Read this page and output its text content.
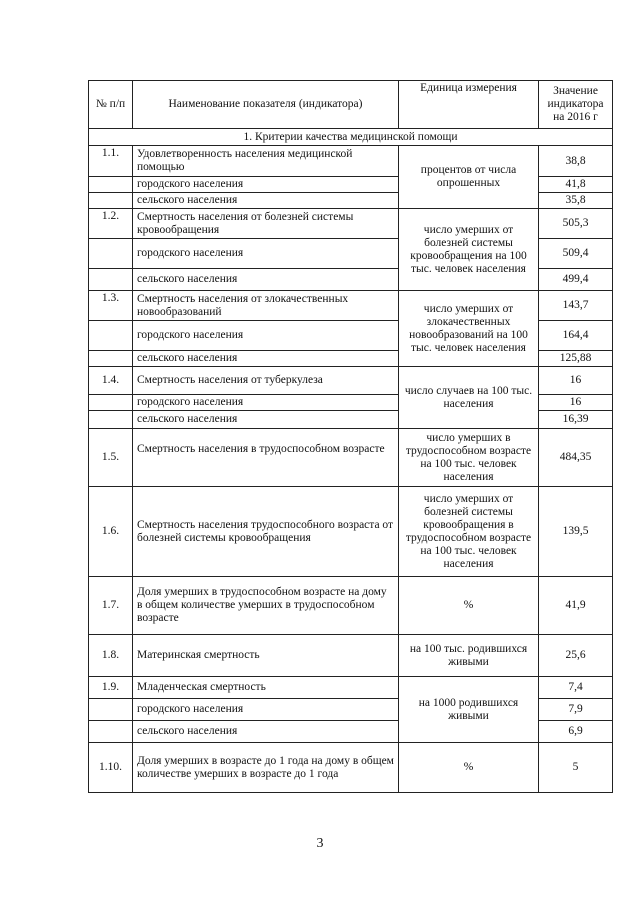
№ п/п	Наименование показателя (индикатора)	Единица измерения	Значение индикатора на 2016 г
1. Критерии качества медицинской помощи			
1.1.	Удовлетворенность населения медицинской помощью	процентов от числа опрошенных	38,8
	городского населения		41,8
	сельского населения		35,8
1.2.	Смертность населения от болезней системы кровообращения	число умерших от болезней системы кровообращения на 100 тыс. человек населения	505,3
	городского населения		509,4
	сельского населения		499,4
1.3.	Смертность населения от злокачественных новообразований	число умерших от злокачественных новообразований на 100 тыс. человек населения	143,7
	городского населения		164,4
	сельского населения		125,88
1.4.	Смертность населения от туберкулеза	число случаев на 100 тыс. населения	16
	городского населения		16
	сельского населения		16,39
1.5.	Смертность населения в трудоспособном возрасте	число умерших в трудоспособном возрасте на 100 тыс. человек населения	484,35
1.6.	Смертность населения трудоспособного возраста от болезней системы кровообращения	число умерших от болезней системы кровообращения в трудоспособном возрасте на 100 тыс. человек населения	139,5
1.7.	Доля умерших в трудоспособном возрасте на дому в общем количестве умерших в трудоспособном возрасте	%	41,9
1.8.	Материнская смертность	на 100 тыс. родившихся живыми	25,6
1.9.	Младенческая смертность	на 1000 родившихся живыми	7,4
	городского населения		7,9
	сельского населения		6,9
1.10.	Доля умерших в возрасте до 1 года на дому в общем количестве умерших в возрасте до 1 года	%	5
3
